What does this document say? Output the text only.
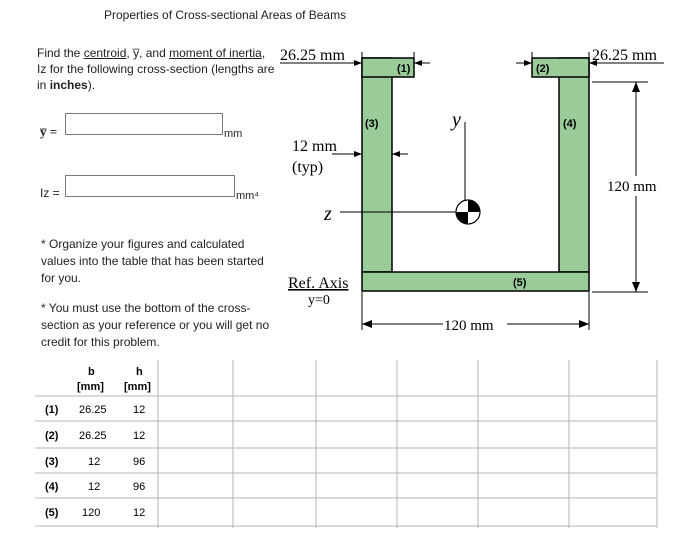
Properties of Cross-sectional Areas of Beams
Find the centroid, y̅, and moment of inertia, Iz for the following cross-section (lengths are in inches).
y̅ =	mm
Iz =	mm⁴
* Organize your figures and calculated values into the table that has been started for you.
* You must use the bottom of the cross-section as your reference or you will get no credit for this problem.
(1)	(2)
(3)	(4)
(5)
26.25 mm	26.25 mm
120 mm
12 mm
(typ)
y
z
Ref. Axis
y=0
120 mm
b
[mm]
h
[mm]
(1) 26.25 12
(2) 26.25 12
(3)	12	96
(4)	12	96
(5) 120	12
